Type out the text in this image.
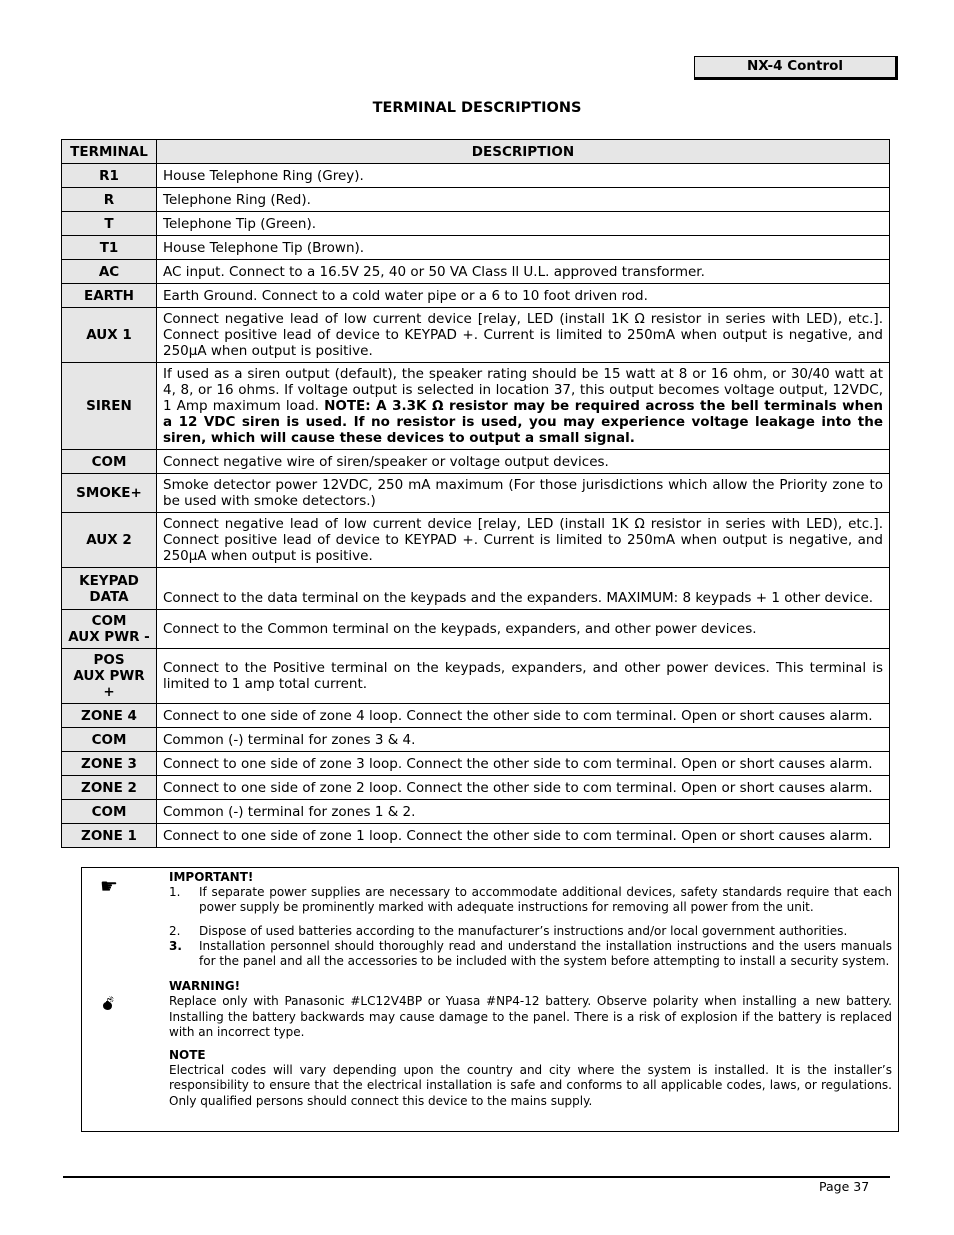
NX-4 Control
TERMINAL DESCRIPTIONS
TERMINAL	DESCRIPTION
R1	House Telephone Ring (Grey).
R	Telephone Ring (Red).
T	Telephone Tip (Green).
T1	House Telephone Tip (Brown).
AC	AC input. Connect to a 16.5V 25, 40 or 50 VA Class ll U.L. approved transformer.
EARTH	Earth Ground. Connect to a cold water pipe or a 6 to 10 foot driven rod.
AUX 1	Connect negative lead of low current device [relay, LED (install 1K Ω resistor in series with LED), etc.]. Connect positive lead of device to KEYPAD +. Current is limited to 250mA when output is negative, and 250µA when output is positive.
SIREN	If used as a siren output (default), the speaker rating should be 15 watt at 8 or 16 ohm, or 30/40 watt at 4, 8, or 16 ohms. If voltage output is selected in location 37, this output becomes voltage output, 12VDC, 1 Amp maximum load. NOTE: A 3.3K Ω resistor may be required across the bell terminals when a 12 VDC siren is used. If no resistor is used, you may experience voltage leakage into the siren, which will cause these devices to output a small signal.
COM	Connect negative wire of siren/speaker or voltage output devices.
SMOKE+	Smoke detector power 12VDC, 250 mA maximum (For those jurisdictions which allow the Priority zone to be used with smoke detectors.)
AUX 2	Connect negative lead of low current device [relay, LED (install 1K Ω resistor in series with LED), etc.]. Connect positive lead of device to KEYPAD +. Current is limited to 250mA when output is negative, and 250µA when output is positive.
KEYPAD
DATA	Connect to the data terminal on the keypads and the expanders. MAXIMUM: 8 keypads + 1 other device.
COM
AUX PWR -	Connect to the Common terminal on the keypads, expanders, and other power devices.
POS
AUX PWR
+	Connect to the Positive terminal on the keypads, expanders, and other power devices. This terminal is limited to 1 amp total current.
ZONE 4	Connect to one side of zone 4 loop. Connect the other side to com terminal. Open or short causes alarm.
COM	Common (-) terminal for zones 3 & 4.
ZONE 3	Connect to one side of zone 3 loop. Connect the other side to com terminal. Open or short causes alarm.
ZONE 2	Connect to one side of zone 2 loop. Connect the other side to com terminal. Open or short causes alarm.
COM	Common (-) terminal for zones 1 & 2.
ZONE 1	Connect to one side of zone 1 loop. Connect the other side to com terminal. Open or short causes alarm.
☛
💣︎
IMPORTANT!
1. If separate power supplies are necessary to accommodate additional devices, safety standards require that each power supply be prominently marked with adequate instructions for removing all power from the unit.
2. Dispose of used batteries according to the manufacturer’s instructions and/or local government authorities.
3. Installation personnel should thoroughly read and understand the installation instructions and the users manuals for the panel and all the accessories to be included with the system before attempting to install a security system.
WARNING!
Replace only with Panasonic #LC12V4BP or Yuasa #NP4-12 battery. Observe polarity when installing a new battery. Installing the battery backwards may cause damage to the panel. There is a risk of explosion if the battery is replaced with an incorrect type.
NOTE
Electrical codes will vary depending upon the country and city where the system is installed. It is the installer’s responsibility to ensure that the electrical installation is safe and conforms to all applicable codes, laws, or regulations. Only qualified persons should connect this device to the mains supply.
Page 37
